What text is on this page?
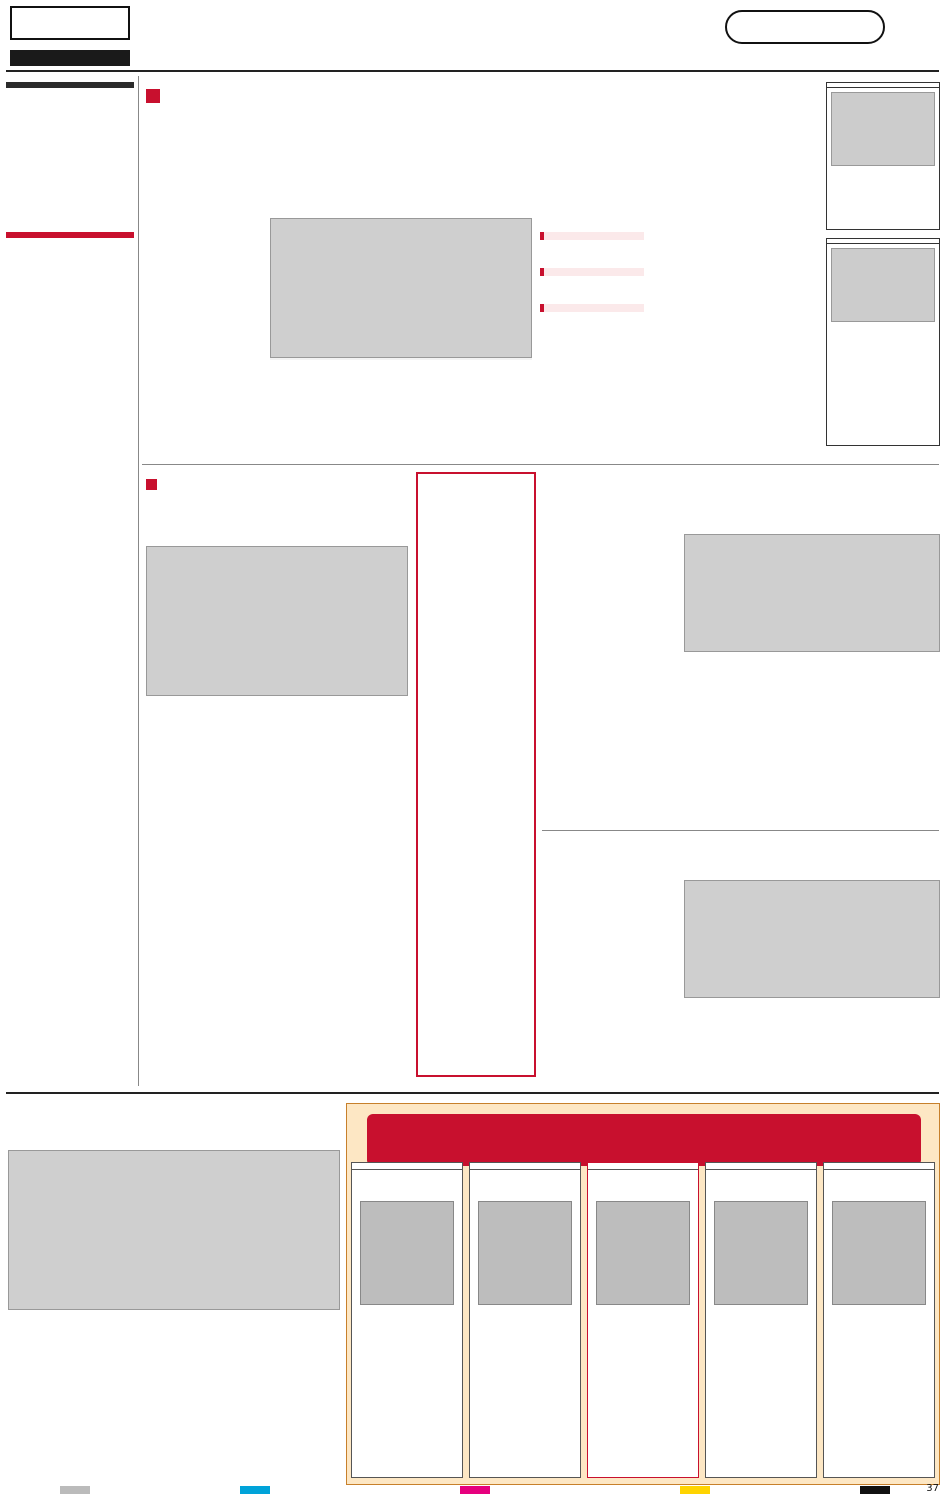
37
